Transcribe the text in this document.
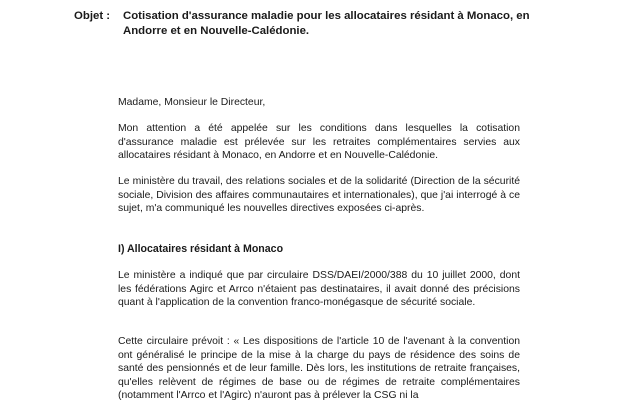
Objet :	Cotisation d'assurance maladie pour les allocataires résidant à Monaco, en Andorre et en Nouvelle-Calédonie.
Madame, Monsieur le Directeur,
Mon attention a été appelée sur les conditions dans lesquelles la cotisation d'assurance maladie est prélevée sur les retraites complémentaires servies aux allocataires résidant à Monaco, en Andorre et en Nouvelle-Calédonie.
Le ministère du travail, des relations sociales et de la solidarité (Direction de la sécurité sociale, Division des affaires communautaires et internationales), que j'ai interrogé à ce sujet, m'a communiqué les nouvelles directives exposées ci-après.
I) Allocataires résidant à Monaco
Le ministère a indiqué que par circulaire DSS/DAEI/2000/388 du 10 juillet 2000, dont les fédérations Agirc et Arrco n'étaient pas destinataires, il avait donné des précisions quant à l'application de la convention franco-monégasque de sécurité sociale.
Cette circulaire prévoit : « Les dispositions de l'article 10 de l'avenant à la convention ont généralisé le principe de la mise à la charge du pays de résidence des soins de santé des pensionnés et de leur famille. Dès lors, les institutions de retraite françaises, qu'elles relèvent de régimes de base ou de régimes de retraite complémentaires (notamment l'Arrco et l'Agirc) n'auront pas à prélever la CSG ni la
